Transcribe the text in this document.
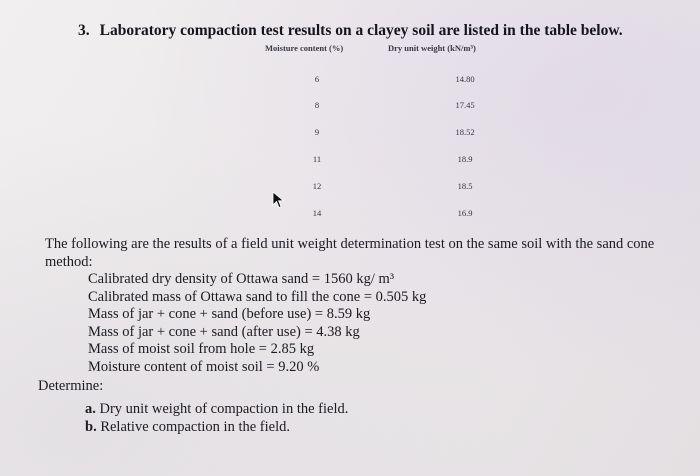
3. Laboratory compaction test results on a clayey soil are listed in the table below.
Moisture content (%)	Dry unit weight (kN/m³)
6	14.80
8	17.45
9	18.52
11	18.9
12	18.5
14	16.9
The following are the results of a field unit weight determination test on the same soil with the sand cone method:
Calibrated dry density of Ottawa sand = 1560 kg/ m³
Calibrated mass of Ottawa sand to fill the cone = 0.505 kg
Mass of jar + cone + sand (before use) = 8.59 kg
Mass of jar + cone + sand (after use) = 4.38 kg
Mass of moist soil from hole = 2.85 kg
Moisture content of moist soil = 9.20 %
Determine:
a. Dry unit weight of compaction in the field.
b. Relative compaction in the field.
